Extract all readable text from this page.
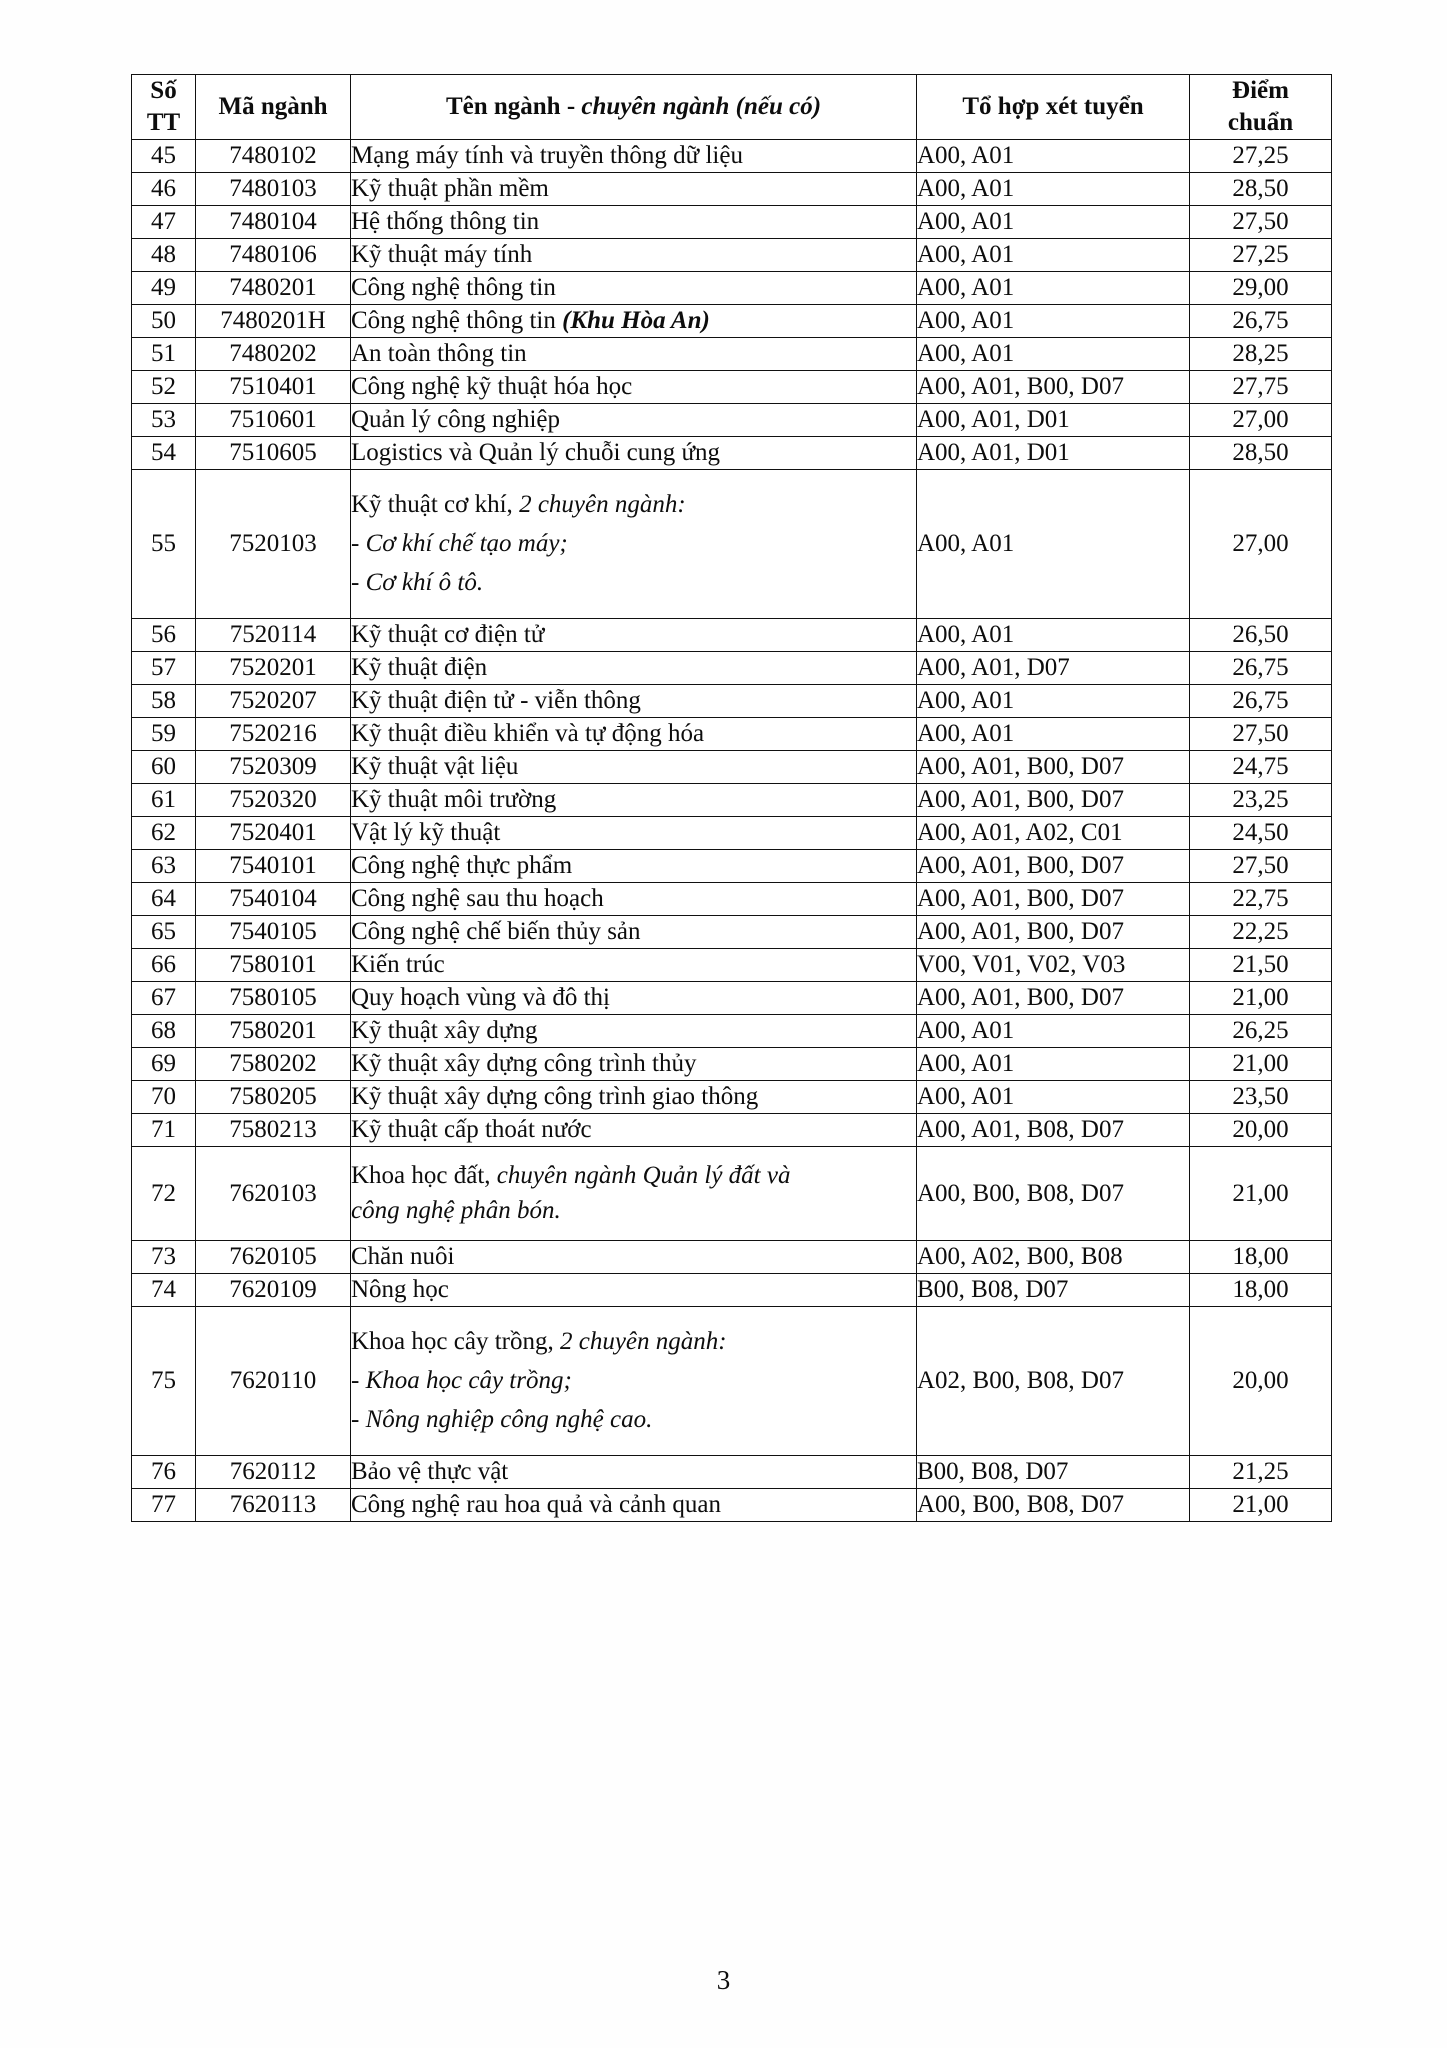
Số
TT	Mã ngành	Tên ngành - chuyên ngành (nếu có)	Tổ hợp xét tuyển	Điểm
chuẩn
45	7480102	Mạng máy tính và truyền thông dữ liệu	A00, A01	27,25
46	7480103	Kỹ thuật phần mềm	A00, A01	28,50
47	7480104	Hệ thống thông tin	A00, A01	27,50
48	7480106	Kỹ thuật máy tính	A00, A01	27,25
49	7480201	Công nghệ thông tin	A00, A01	29,00
50	7480201H	Công nghệ thông tin (Khu Hòa An)	A00, A01	26,75
51	7480202	An toàn thông tin	A00, A01	28,25
52	7510401	Công nghệ kỹ thuật hóa học	A00, A01, B00, D07	27,75
53	7510601	Quản lý công nghiệp	A00, A01, D01	27,00
54	7510605	Logistics và Quản lý chuỗi cung ứng	A00, A01, D01	28,50
55	7520103	Kỹ thuật cơ khí, 2 chuyên ngành:
- Cơ khí chế tạo máy;
- Cơ khí ô tô.	A00, A01	27,00
56	7520114	Kỹ thuật cơ điện tử	A00, A01	26,50
57	7520201	Kỹ thuật điện	A00, A01, D07	26,75
58	7520207	Kỹ thuật điện tử - viễn thông	A00, A01	26,75
59	7520216	Kỹ thuật điều khiển và tự động hóa	A00, A01	27,50
60	7520309	Kỹ thuật vật liệu	A00, A01, B00, D07	24,75
61	7520320	Kỹ thuật môi trường	A00, A01, B00, D07	23,25
62	7520401	Vật lý kỹ thuật	A00, A01, A02, C01	24,50
63	7540101	Công nghệ thực phẩm	A00, A01, B00, D07	27,50
64	7540104	Công nghệ sau thu hoạch	A00, A01, B00, D07	22,75
65	7540105	Công nghệ chế biến thủy sản	A00, A01, B00, D07	22,25
66	7580101	Kiến trúc	V00, V01, V02, V03	21,50
67	7580105	Quy hoạch vùng và đô thị	A00, A01, B00, D07	21,00
68	7580201	Kỹ thuật xây dựng	A00, A01	26,25
69	7580202	Kỹ thuật xây dựng công trình thủy	A00, A01	21,00
70	7580205	Kỹ thuật xây dựng công trình giao thông	A00, A01	23,50
71	7580213	Kỹ thuật cấp thoát nước	A00, A01, B08, D07	20,00
72	7620103	Khoa học đất, chuyên ngành Quản lý đất và
công nghệ phân bón.	A00, B00, B08, D07	21,00
73	7620105	Chăn nuôi	A00, A02, B00, B08	18,00
74	7620109	Nông học	B00, B08, D07	18,00
75	7620110	Khoa học cây trồng, 2 chuyên ngành:
- Khoa học cây trồng;
- Nông nghiệp công nghệ cao.	A02, B00, B08, D07	20,00
76	7620112	Bảo vệ thực vật	B00, B08, D07	21,25
77	7620113	Công nghệ rau hoa quả và cảnh quan	A00, B00, B08, D07	21,00
3
